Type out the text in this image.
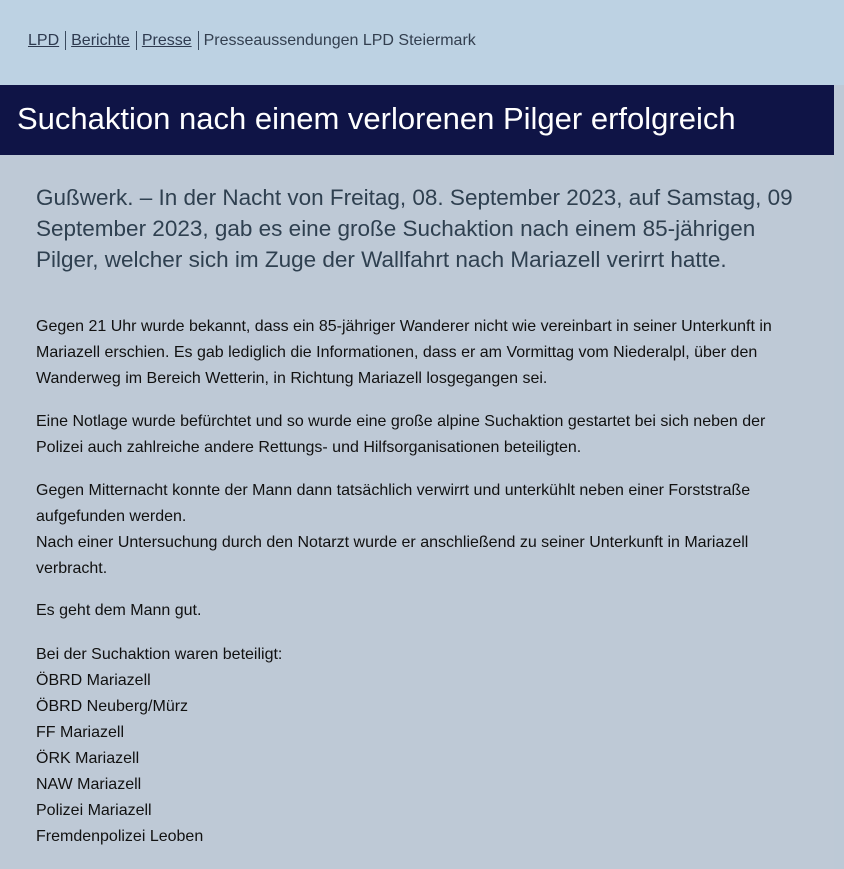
LPD Berichte Presse Presseaussendungen LPD Steiermark
Suchaktion nach einem verlorenen Pilger erfolgreich

Gußwerk. – In der Nacht von Freitag, 08. September 2023, auf Samstag, 09 September 2023, gab es eine große Suchaktion nach einem 85-jährigen Pilger, welcher sich im Zuge der Wallfahrt nach Mariazell verirrt hatte.

Gegen 21 Uhr wurde bekannt, dass ein 85-jähriger Wanderer nicht wie vereinbart in seiner Unterkunft in Mariazell erschien. Es gab lediglich die Informationen, dass er am Vormittag vom Niederalpl, über den Wanderweg im Bereich Wetterin, in Richtung Mariazell losgegangen sei.

Eine Notlage wurde befürchtet und so wurde eine große alpine Suchaktion gestartet bei sich neben der Polizei auch zahlreiche andere Rettungs- und Hilfsorganisationen beteiligten.

Gegen Mitternacht konnte der Mann dann tatsächlich verwirrt und unterkühlt neben einer Forststraße aufgefunden werden.
Nach einer Untersuchung durch den Notarzt wurde er anschließend zu seiner Unterkunft in Mariazell verbracht.

Es geht dem Mann gut.

Bei der Suchaktion waren beteiligt:
ÖBRD Mariazell
ÖBRD Neuberg/Mürz
FF Mariazell
ÖRK Mariazell
NAW Mariazell
Polizei Mariazell
Fremdenpolizei Leoben
